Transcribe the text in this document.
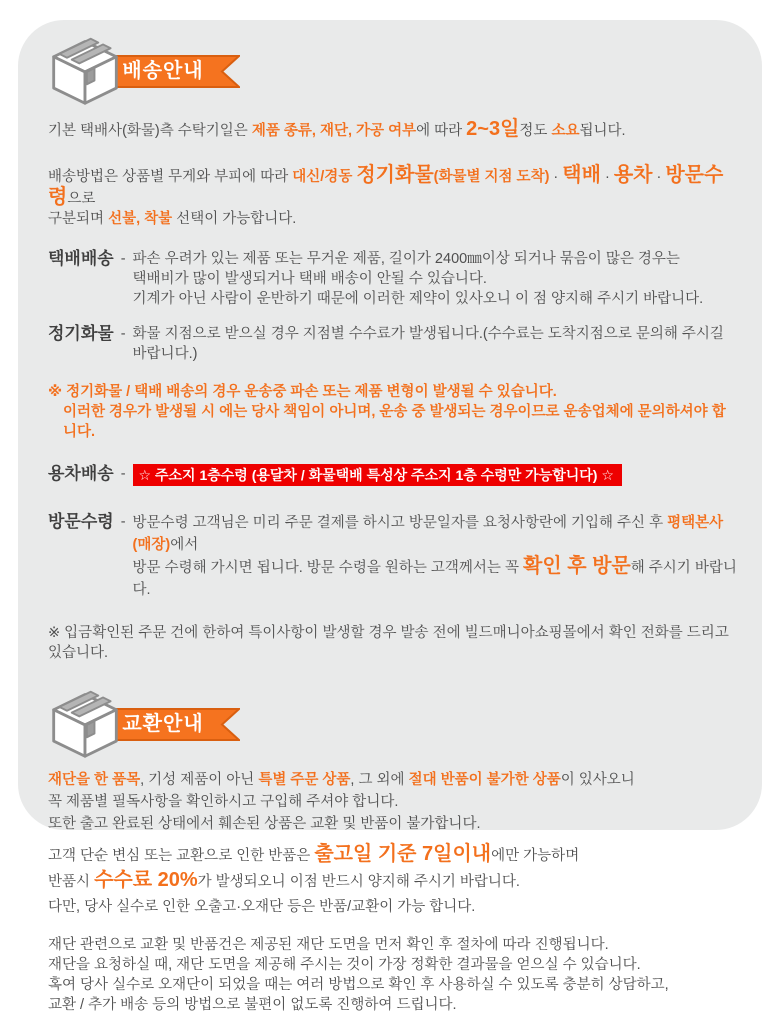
배송안내

기본 택배사(화물)측 수탁기일은 제품 종류, 재단, 가공 여부에 따라 2~3일정도 소요됩니다.

배송방법은 상품별 무게와 부피에 따라 대신/경동 정기화물(화물별 지점 도착) · 택배 · 용차 · 방문수령으로
구분되며 선불, 착불 선택이 가능합니다.

택배배송 - 파손 우려가 있는 제품 또는 무거운 제품, 길이가 2400㎜이상 되거나 묶음이 많은 경우는
택배비가 많이 발생되거나 택배 배송이 안될 수 있습니다.
기계가 아닌 사람이 운반하기 때문에 이러한 제약이 있사오니 이 점 양지해 주시기 바랍니다.
정기화물 - 화물 지점으로 받으실 경우 지점별 수수료가 발생됩니다.(수수료는 도착지점으로 문의해 주시길 바랍니다.)
※ 정기화물 / 택배 배송의 경우 운송중 파손 또는 제품 변형이 발생될 수 있습니다.
이러한 경우가 발생될 시 에는 당사 책임이 아니며, 운송 중 발생되는 경우이므로 운송업체에 문의하셔야 합니다.
용차배송 - ☆ 주소지 1층수령 (용달차 / 화물택배 특성상 주소지 1층 수령만 가능합니다) ☆
방문수령 - 방문수령 고객님은 미리 주문 결제를 하시고 방문일자를 요청사항란에 기입해 주신 후 평택본사(매장)에서
방문 수령해 가시면 됩니다. 방문 수령을 원하는 고객께서는 꼭 확인 후 방문해 주시기 바랍니다.

※ 입금확인된 주문 건에 한하여 특이사항이 발생할 경우 발송 전에 빌드매니아쇼핑몰에서 확인 전화를 드리고 있습니다.

교환안내
재단을 한 품목, 기성 제품이 아닌 특별 주문 상품, 그 외에 절대 반품이 불가한 상품이 있사오니
꼭 제품별 필독사항을 확인하시고 구입해 주셔야 합니다.
또한 출고 완료된 상태에서 훼손된 상품은 교환 및 반품이 불가합니다.
고객 단순 변심 또는 교환으로 인한 반품은 출고일 기준 7일이내에만 가능하며
반품시 수수료 20%가 발생되오니 이점 반드시 양지해 주시기 바랍니다.
다만, 당사 실수로 인한 오출고·오재단 등은 반품/교환이 가능 합니다.
재단 관련으로 교환 및 반품건은 제공된 재단 도면을 먼저 확인 후 절차에 따라 진행됩니다.
재단을 요청하실 때, 재단 도면을 제공해 주시는 것이 가장 정확한 결과물을 얻으실 수 있습니다.
혹여 당사 실수로 오재단이 되었을 때는 여러 방법으로 확인 후 사용하실 수 있도록 충분히 상담하고,
교환 / 추가 배송 등의 방법으로 불편이 없도록 진행하여 드립니다.
